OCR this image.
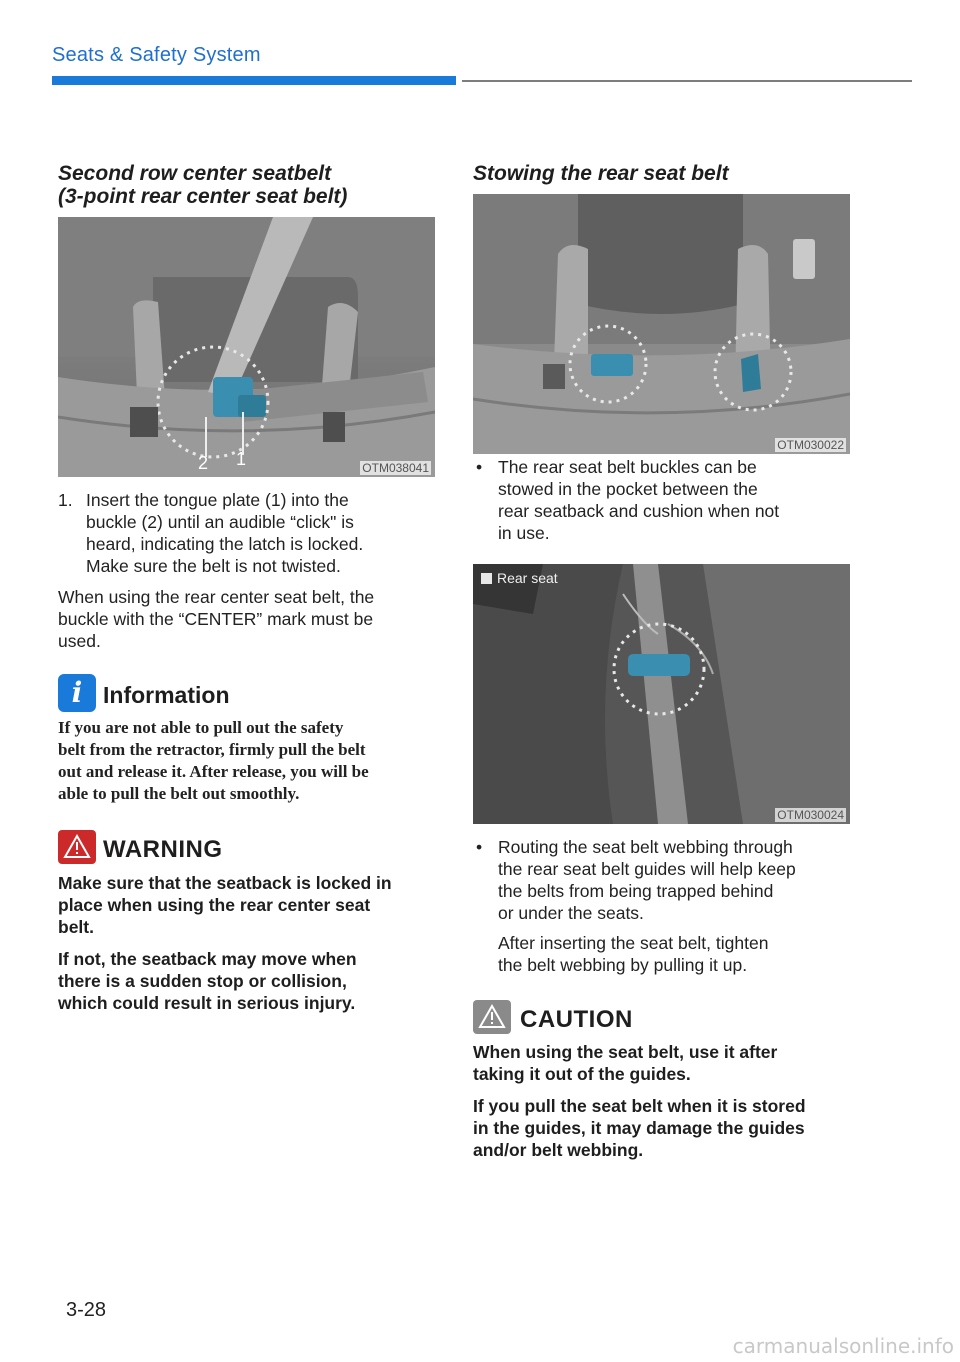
Seats & Safety System
Second row center seatbelt
(3-point rear center seat belt)
2 1	OTM038041
1. Insert the tongue plate (1) into the
buckle (2) until an audible “click" is
heard, indicating the latch is locked.
Make sure the belt is not twisted.
When using the rear center seat belt, the
buckle with the “CENTER” mark must be
used.
i Information
If you are not able to pull out the safety
belt from the retractor, firmly pull the belt
out and release it. After release, you will be
able to pull the belt out smoothly.
WARNING
Make sure that the seatback is locked in
place when using the rear center seat
belt.
If not, the seatback may move when
there is a sudden stop or collision,
which could result in serious injury.
Stowing the rear seat belt
OTM030022
• The rear seat belt buckles can be
stowed in the pocket between the
rear seatback and cushion when not
in use.
Rear seat
OTM030024
• Routing the seat belt webbing through
the rear seat belt guides will help keep
the belts from being trapped behind
or under the seats.
After inserting the seat belt, tighten
the belt webbing by pulling it up.
CAUTION
When using the seat belt, use it after
taking it out of the guides.
If you pull the seat belt when it is stored
in the guides, it may damage the guides
and/or belt webbing.
3-28
carmanualsonline.info
